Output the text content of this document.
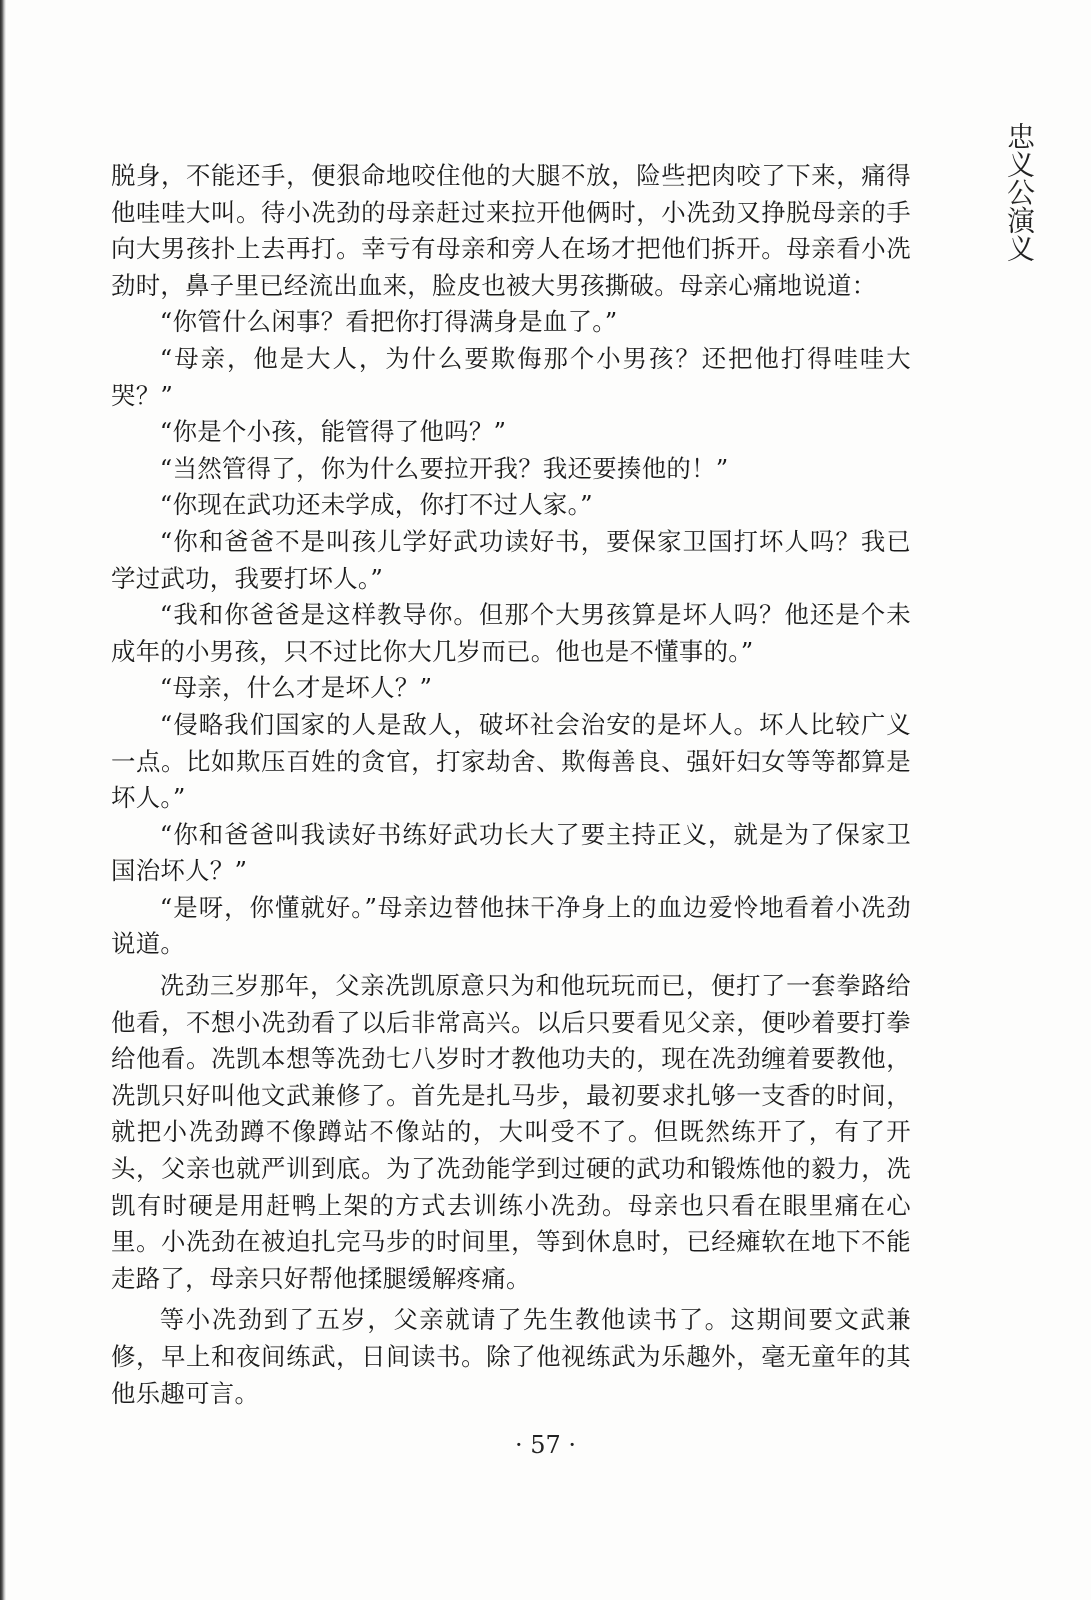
忠义公演义

脱身，不能还手，便狠命地咬住他的大腿不放，险些把肉咬了下来，痛得他哇哇大叫。待小冼劲的母亲赶过来拉开他俩时，小冼劲又挣脱母亲的手向大男孩扑上去再打。幸亏有母亲和旁人在场才把他们拆开。母亲看小冼劲时，鼻子里已经流出血来，脸皮也被大男孩撕破。母亲心痛地说道：

“你管什么闲事？看把你打得满身是血了。”

“母亲，他是大人，为什么要欺侮那个小男孩？还把他打得哇哇大哭？”

“你是个小孩，能管得了他吗？”

“当然管得了，你为什么要拉开我？我还要揍他的！”

“你现在武功还未学成，你打不过人家。”

“你和爸爸不是叫孩儿学好武功读好书，要保家卫国打坏人吗？我已学过武功，我要打坏人。”

“我和你爸爸是这样教导你。但那个大男孩算是坏人吗？他还是个未成年的小男孩，只不过比你大几岁而已。他也是不懂事的。”

“母亲，什么才是坏人？”

“侵略我们国家的人是敌人，破坏社会治安的是坏人。坏人比较广义一点。比如欺压百姓的贪官，打家劫舍、欺侮善良、强奸妇女等等都算是坏人。”

“你和爸爸叫我读好书练好武功长大了要主持正义，就是为了保家卫国治坏人？”

“是呀，你懂就好。”母亲边替他抹干净身上的血边爱怜地看着小冼劲说道。

冼劲三岁那年，父亲冼凯原意只为和他玩玩而已，便打了一套拳路给他看，不想小冼劲看了以后非常高兴。以后只要看见父亲，便吵着要打拳给他看。冼凯本想等冼劲七八岁时才教他功夫的，现在冼劲缠着要教他，冼凯只好叫他文武兼修了。首先是扎马步，最初要求扎够一支香的时间，就把小冼劲蹲不像蹲站不像站的，大叫受不了。但既然练开了，有了开头，父亲也就严训到底。为了冼劲能学到过硬的武功和锻炼他的毅力，冼凯有时硬是用赶鸭上架的方式去训练小冼劲。母亲也只看在眼里痛在心里。小冼劲在被迫扎完马步的时间里，等到休息时，已经瘫软在地下不能走路了，母亲只好帮他揉腿缓解疼痛。

等小冼劲到了五岁，父亲就请了先生教他读书了。这期间要文武兼修，早上和夜间练武，日间读书。除了他视练武为乐趣外，毫无童年的其他乐趣可言。

· 57 ·
